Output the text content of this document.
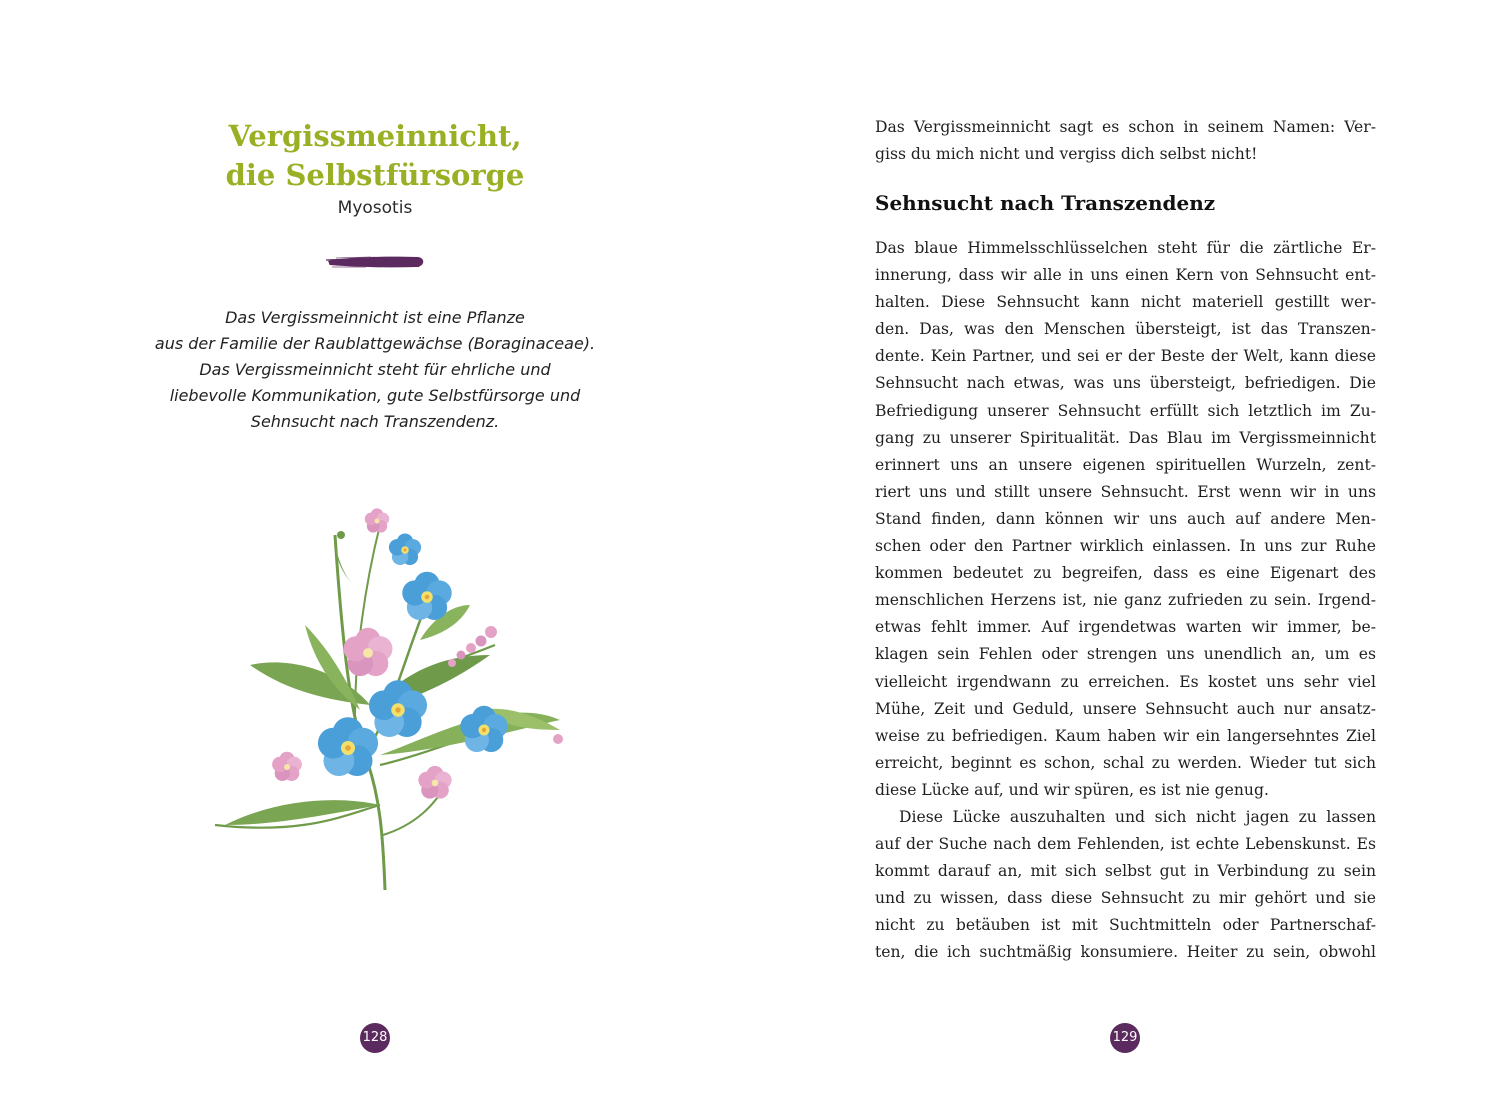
Vergissmeinnicht,
die Selbstfürsorge
Myosotis

Das Vergissmeinnicht ist eine Pflanze
aus der Familie der Raublattgewächse (Boraginaceae).
Das Vergissmeinnicht steht für ehrliche und
liebevolle Kommunikation, gute Selbstfürsorge und
Sehnsucht nach Transzendenz.

128

Das Vergissmeinnicht sagt es schon in seinem Namen: Ver-
giss du mich nicht und vergiss dich selbst nicht!

Sehnsucht nach Transzendenz

Das blaue Himmelsschlüsselchen steht für die zärtliche Er-
innerung, dass wir alle in uns einen Kern von Sehnsucht ent-
halten. Diese Sehnsucht kann nicht materiell gestillt wer-
den. Das, was den Menschen übersteigt, ist das Transzen-
dente. Kein Partner, und sei er der Beste der Welt, kann diese
Sehnsucht nach etwas, was uns übersteigt, befriedigen. Die
Befriedigung unserer Sehnsucht erfüllt sich letztlich im Zu-
gang zu unserer Spiritualität. Das Blau im Vergissmeinnicht
erinnert uns an unsere eigenen spirituellen Wurzeln, zent-
riert uns und stillt unsere Sehnsucht. Erst wenn wir in uns
Stand finden, dann können wir uns auch auf andere Men-
schen oder den Partner wirklich einlassen. In uns zur Ruhe
kommen bedeutet zu begreifen, dass es eine Eigenart des
menschlichen Herzens ist, nie ganz zufrieden zu sein. Irgend-
etwas fehlt immer. Auf irgendetwas warten wir immer, be-
klagen sein Fehlen oder strengen uns unendlich an, um es
vielleicht irgendwann zu erreichen. Es kostet uns sehr viel
Mühe, Zeit und Geduld, unsere Sehnsucht auch nur ansatz-
weise zu befriedigen. Kaum haben wir ein langersehntes Ziel
erreicht, beginnt es schon, schal zu werden. Wieder tut sich
diese Lücke auf, und wir spüren, es ist nie genug.
Diese Lücke auszuhalten und sich nicht jagen zu lassen
auf der Suche nach dem Fehlenden, ist echte Lebenskunst. Es
kommt darauf an, mit sich selbst gut in Verbindung zu sein
und zu wissen, dass diese Sehnsucht zu mir gehört und sie
nicht zu betäuben ist mit Suchtmitteln oder Partnerschaf-
ten, die ich suchtmäßig konsumiere. Heiter zu sein, obwohl

129
